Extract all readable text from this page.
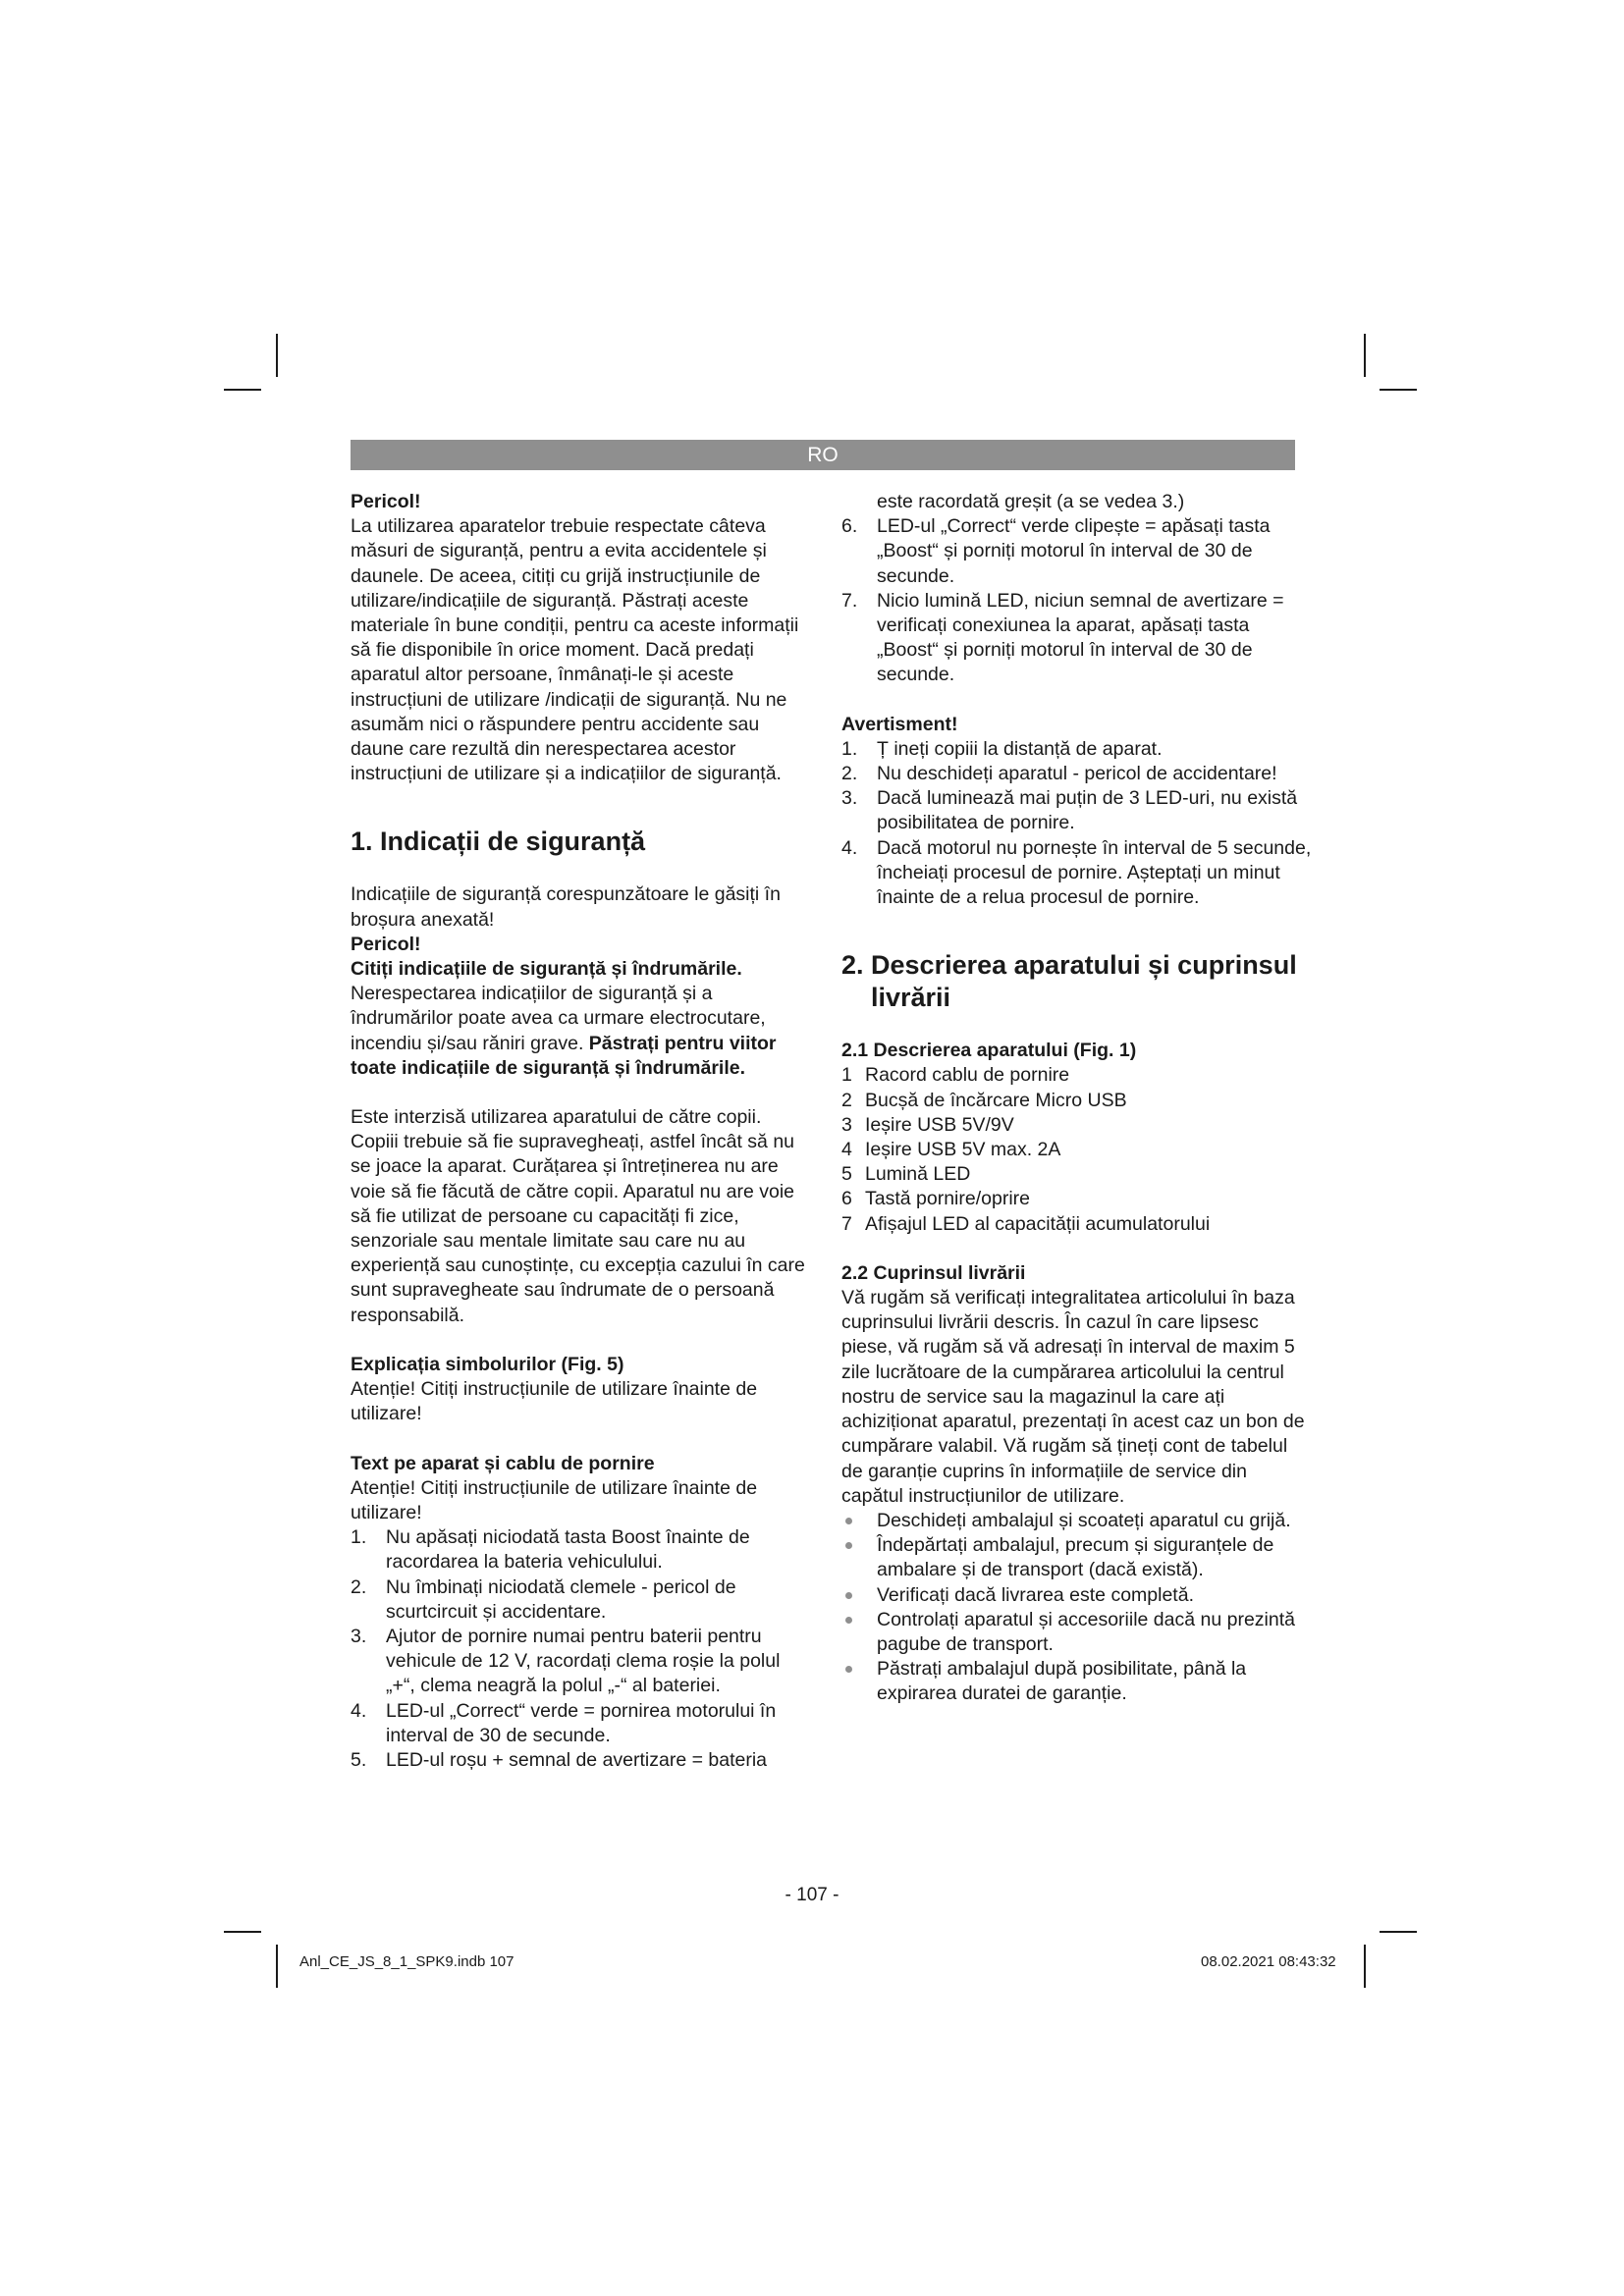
RO

Pericol!

La utilizarea aparatelor trebuie respectate câteva măsuri de siguranță, pentru a evita accidentele și daunele. De aceea, citiți cu grijă instrucțiunile de utilizare/indicațiile de siguranță. Păstrați aceste materiale în bune condiții, pentru ca aceste informații să fie disponibile în orice moment. Dacă predați aparatul altor persoane, înmânați-le și aceste instrucțiuni de utilizare /indicații de siguranță. Nu ne asumăm nici o răspundere pentru accidente sau daune care rezultă din nerespectarea acestor instrucțiuni de utilizare și a indicațiilor de siguranță.

1. Indicații de siguranță

Indicațiile de siguranță corespunzătoare le găsiți în broșura anexată!

Pericol!

Citiți indicațiile de siguranță și îndrumările.

Nerespectarea indicațiilor de siguranță și a îndrumărilor poate avea ca urmare electrocutare, incendiu și/sau răniri grave. Păstrați pentru viitor toate indicațiile de siguranță și îndrumările.

Este interzisă utilizarea aparatului de către copii. Copiii trebuie să fie supravegheați, astfel încât să nu se joace la aparat. Curățarea și întreținerea nu are voie să fie făcută de către copii. Aparatul nu are voie să fie utilizat de persoane cu capacități fi zice, senzoriale sau mentale limitate sau care nu au experiență sau cunoștințe, cu excepția cazului în care sunt supravegheate sau îndrumate de o persoană responsabilă.

Explicația simbolurilor (Fig. 5)

Atenție! Citiți instrucțiunile de utilizare înainte de utilizare!

Text pe aparat și cablu de pornire

Atenție! Citiți instrucțiunile de utilizare înainte de utilizare!

1. Nu apăsați niciodată tasta Boost înainte de racordarea la bateria vehiculului.
2. Nu îmbinați niciodată clemele - pericol de scurtcircuit și accidentare.
3. Ajutor de pornire numai pentru baterii pentru vehicule de 12 V, racordați clema roșie la polul „+“, clema neagră la polul „-“ al bateriei.
4. LED-ul „Correct“ verde = pornirea motorului în interval de 30 de secunde.
5. LED-ul roșu + semnal de avertizare = bateria

este racordată greșit (a se vedea 3.)

6. LED-ul „Correct“ verde clipește = apăsați tasta „Boost“ și porniți motorul în interval de 30 de secunde.
7. Nicio lumină LED, niciun semnal de avertizare = verificați conexiunea la aparat, apăsați tasta „Boost“ și porniți motorul în interval de 30 de secunde.

Avertisment!

1. Ț ineți copiii la distanță de aparat.
2. Nu deschideți aparatul - pericol de accidentare!
3. Dacă luminează mai puțin de 3 LED-uri, nu există posibilitatea de pornire.
4. Dacă motorul nu pornește în interval de 5 secunde, încheiați procesul de pornire. Așteptați un minut înainte de a relua procesul de pornire.

2. Descrierea aparatului și cuprinsul livrării

2.1 Descrierea aparatului (Fig. 1)

1 Racord cablu de pornire
2 Bucșă de încărcare Micro USB
3 Ieșire USB 5V/9V
4 Ieșire USB 5V max. 2A
5 Lumină LED
6 Tastă pornire/oprire
7 Afișajul LED al capacității acumulatorului

2.2 Cuprinsul livrării

Vă rugăm să verificați integralitatea articolului în baza cuprinsului livrării descris. În cazul în care lipsesc piese, vă rugăm să vă adresați în interval de maxim 5 zile lucrătoare de la cumpărarea articolului la centrul nostru de service sau la magazinul la care ați achiziționat aparatul, prezentați în acest caz un bon de cumpărare valabil. Vă rugăm să țineți cont de tabelul de garanție cuprins în informațiile de service din capătul instrucțiunilor de utilizare.

Deschideți ambalajul și scoateți aparatul cu grijă.
Îndepărtați ambalajul, precum și siguranțele de ambalare și de transport (dacă există).
Verificați dacă livrarea este completă.
Controlați aparatul și accesoriile dacă nu prezintă pagube de transport.
Păstrați ambalajul după posibilitate, până la expirarea duratei de garanție.
- 107 -
Anl_CE_JS_8_1_SPK9.indb 107	08.02.2021 08:43:32
